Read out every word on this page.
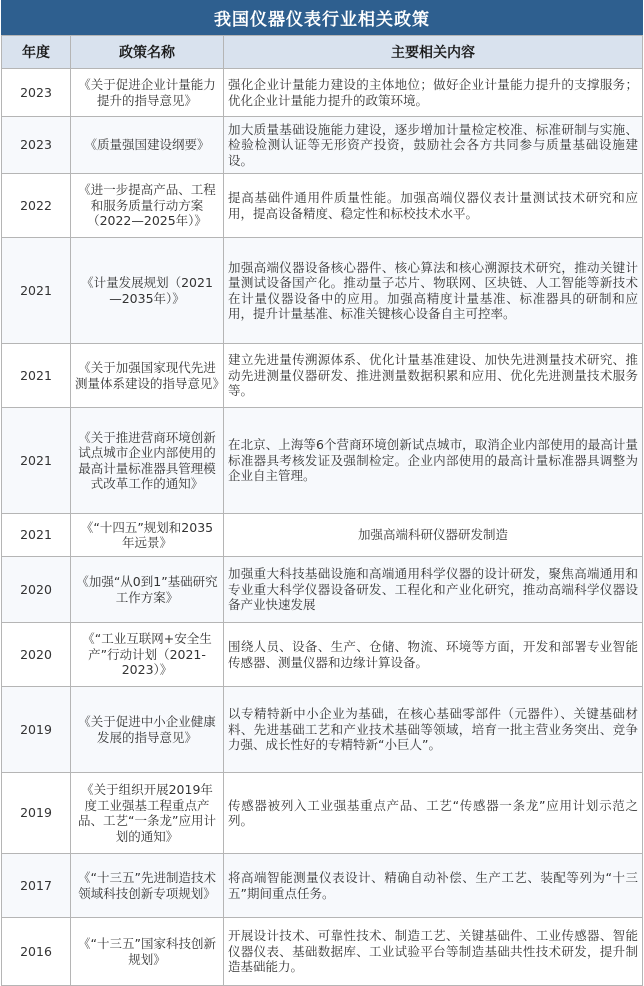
我国仪器仪表行业相关政策
年度	政策名称	主要相关内容
2023	《关于促进企业计量能力提升的指导意见》	强化企业计量能力建设的主体地位；做好企业计量能力提升的支撑服务；优化企业计量能力提升的政策环境。
2023	《质量强国建设纲要》	加大质量基础设施能力建设，逐步增加计量检定校准、标准研制与实施、检验检测认证等无形资产投资，鼓励社会各方共同参与质量基础设施建设。
2022	《进一步提高产品、工程和服务质量行动方案（2022—2025年）》	提高基础件通用件质量性能。加强高端仪器仪表计量测试技术研究和应用，提高设备精度、稳定性和标校技术水平。
2021	《计量发展规划（2021—2035年）》	加强高端仪器设备核心器件、核心算法和核心溯源技术研究，推动关键计量测试设备国产化。推动量子芯片、物联网、区块链、人工智能等新技术在计量仪器设备中的应用。加强高精度计量基准、标准器具的研制和应用，提升计量基准、标准关键核心设备自主可控率。
2021	《关于加强国家现代先进测量体系建设的指导意见》	建立先进量传溯源体系、优化计量基准建设、加快先进测量技术研究、推动先进测量仪器研发、推进测量数据积累和应用、优化先进测量技术服务等。
2021	《关于推进营商环境创新试点城市企业内部使用的最高计量标准器具管理模式改革工作的通知》	在北京、上海等6个营商环境创新试点城市，取消企业内部使用的最高计量标准器具考核发证及强制检定。企业内部使用的最高计量标准器具调整为企业自主管理。
2021	《“十四五”规划和2035年远景》	加强高端科研仪器研发制造
2020	《加强“从0到1”基础研究工作方案》	加强重大科技基础设施和高端通用科学仪器的设计研发，聚焦高端通用和专业重大科学仪器设备研发、工程化和产业化研究，推动高端科学仪器设备产业快速发展
2020	《“工业互联网+安全生产”行动计划（2021-2023）》	围绕人员、设备、生产、仓储、物流、环境等方面，开发和部署专业智能传感器、测量仪器和边缘计算设备。
2019	《关于促进中小企业健康发展的指导意见》	以专精特新中小企业为基础，在核心基础零部件（元器件）、关键基础材料、先进基础工艺和产业技术基础等领域，培育一批主营业务突出、竞争力强、成长性好的专精特新“小巨人”。
2019	《关于组织开展2019年度工业强基工程重点产品、工艺“一条龙”应用计划的通知》	传感器被列入工业强基重点产品、工艺“传感器一条龙”应用计划示范之列。
2017	《“十三五”先进制造技术领域科技创新专项规划》	将高端智能测量仪表设计、精确自动补偿、生产工艺、装配等列为“十三五”期间重点任务。
2016	《“十三五”国家科技创新规划》	开展设计技术、可靠性技术、制造工艺、关键基础件、工业传感器、智能仪器仪表、基础数据库、工业试验平台等制造基础共性技术研发，提升制造基础能力。
